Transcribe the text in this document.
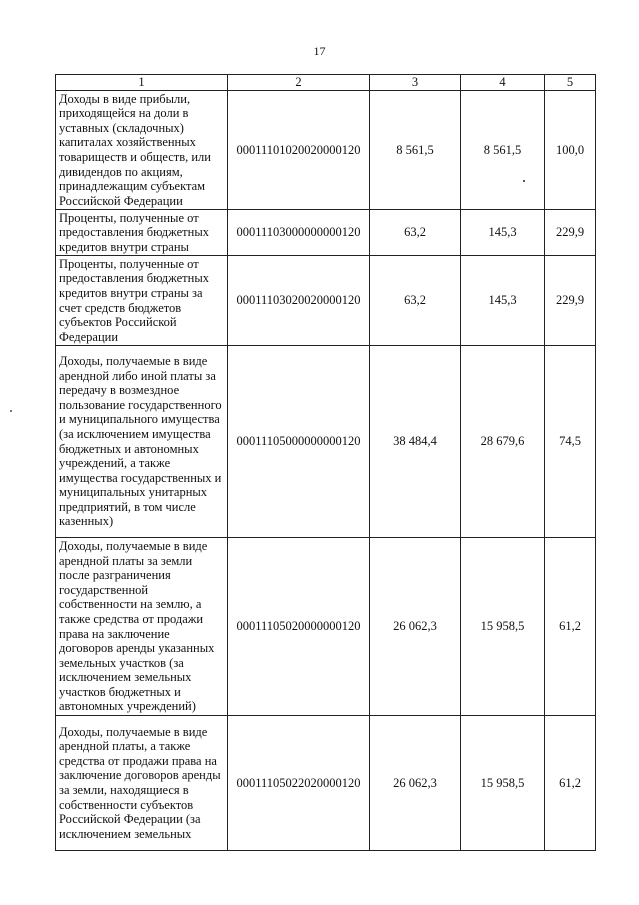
17
1	2	3	4	5
Доходы в виде прибыли, приходящейся на доли в уставных (складочных) капиталах хозяйственных товариществ и обществ, или дивидендов по акциям, принадлежащим субъектам Российской Федерации	00011101020020000120	8 561,5	8 561,5	100,0
Проценты, полученные от предоставления бюджетных кредитов внутри страны	00011103000000000120	63,2	145,3	229,9
Проценты, полученные от предоставления бюджетных кредитов внутри страны за счет средств бюджетов субъектов Российской Федерации	00011103020020000120	63,2	145,3	229,9
Доходы, получаемые в виде арендной либо иной платы за передачу в возмездное пользование государственного и муниципального имущества (за исключением имущества бюджетных и автономных учреждений, а также имущества государственных и муниципальных унитарных предприятий, в том числе казенных)	00011105000000000120	38 484,4	28 679,6	74,5
Доходы, получаемые в виде арендной платы за земли после разграничения государственной собственности на землю, а также средства от продажи права на заключение договоров аренды указанных земельных участков (за исключением земельных участков бюджетных и автономных учреждений)	00011105020000000120	26 062,3	15 958,5	61,2
Доходы, получаемые в виде арендной платы, а также средства от продажи права на заключение договоров аренды за земли, находящиеся в собственности субъектов Российской Федерации (за исключением земельных	00011105022020000120	26 062,3	15 958,5	61,2
